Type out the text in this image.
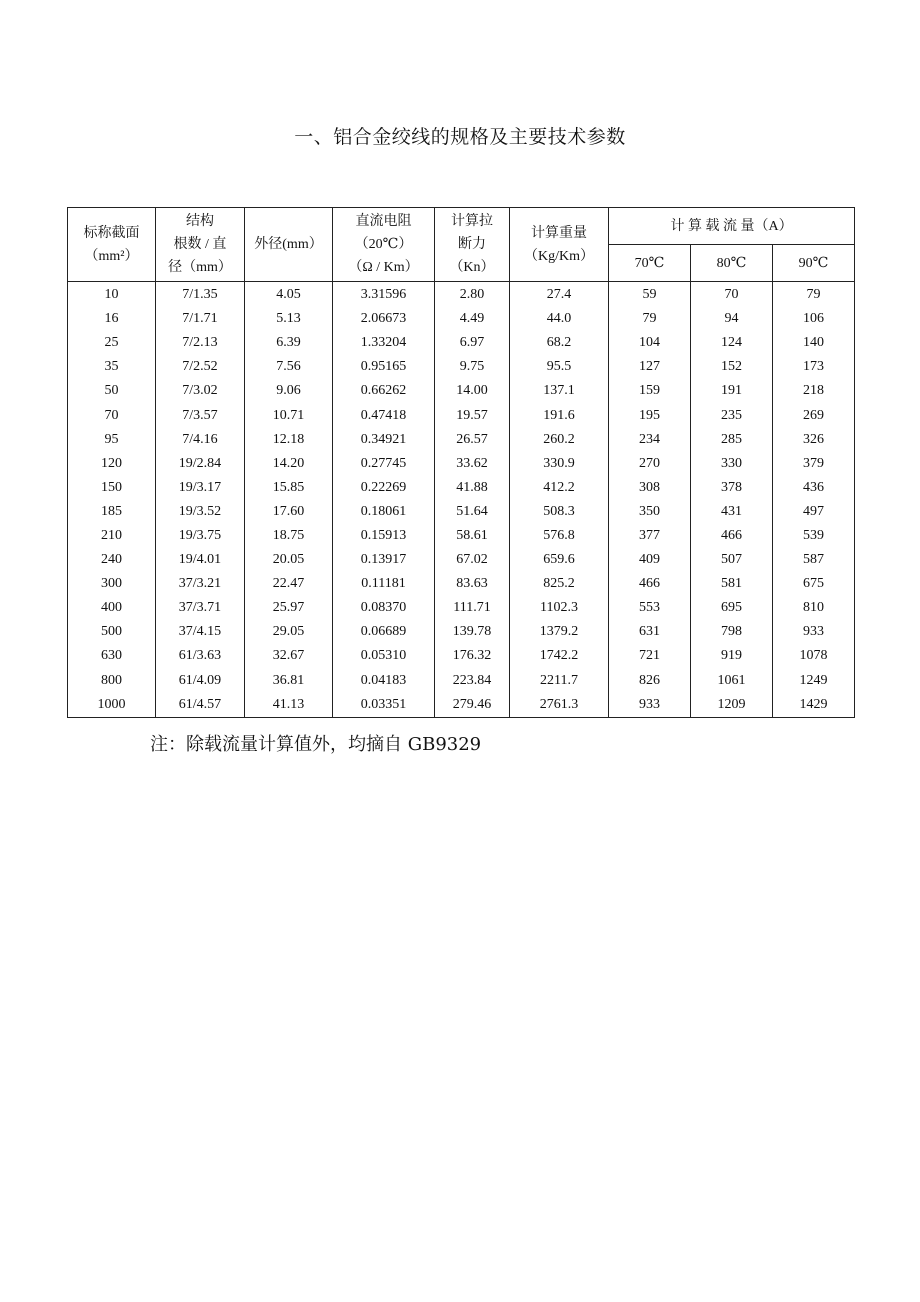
一、铝合金绞线的规格及主要技术参数
标称截面
（mm²）	结构
根数 / 直
径（mm）	外径(mm）	直流电阻
（20℃）
（Ω / Km）	计算拉
断力
（Kn）	计算重量
（Kg/Km）	计 算 载 流 量（A）		
						70℃	80℃	90℃
10	7/1.35	4.05	3.31596	2.80	27.4	59	70	79
16	7/1.71	5.13	2.06673	4.49	44.0	79	94	106
25	7/2.13	6.39	1.33204	6.97	68.2	104	124	140
35	7/2.52	7.56	0.95165	9.75	95.5	127	152	173
50	7/3.02	9.06	0.66262	14.00	137.1	159	191	218
70	7/3.57	10.71	0.47418	19.57	191.6	195	235	269
95	7/4.16	12.18	0.34921	26.57	260.2	234	285	326
120	19/2.84	14.20	0.27745	33.62	330.9	270	330	379
150	19/3.17	15.85	0.22269	41.88	412.2	308	378	436
185	19/3.52	17.60	0.18061	51.64	508.3	350	431	497
210	19/3.75	18.75	0.15913	58.61	576.8	377	466	539
240	19/4.01	20.05	0.13917	67.02	659.6	409	507	587
300	37/3.21	22.47	0.11181	83.63	825.2	466	581	675
400	37/3.71	25.97	0.08370	111.71	1102.3	553	695	810
500	37/4.15	29.05	0.06689	139.78	1379.2	631	798	933
630	61/3.63	32.67	0.05310	176.32	1742.2	721	919	1078
800	61/4.09	36.81	0.04183	223.84	2211.7	826	1061	1249
1000	61/4.57	41.13	0.03351	279.46	2761.3	933	1209	1429
注：除载流量计算值外，均摘自 GB9329
